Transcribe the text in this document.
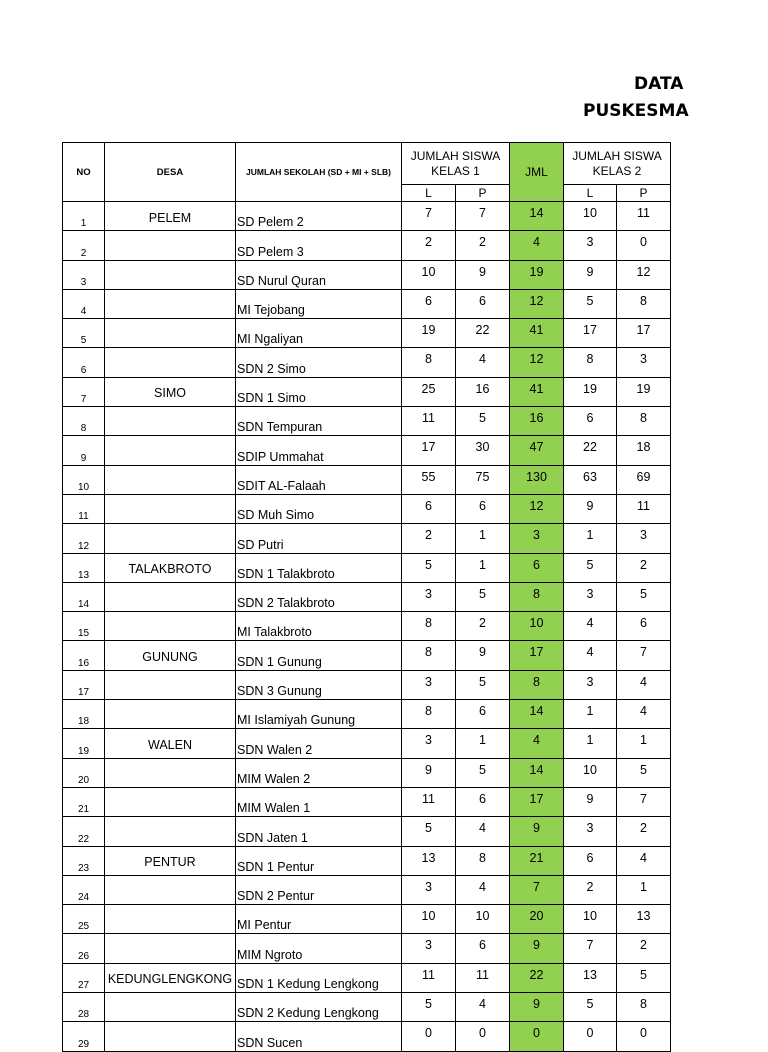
DATA
PUSKESMA
NO	DESA	JUMLAH SEKOLAH (SD + MI + SLB)	JUMLAH SISWA KELAS 1		JML	JUMLAH SISWA KELAS 2	
			L	P		L	P
1	PELEM	SD Pelem 2	7	7	14	10	11
2		SD Pelem 3	2	2	4	3	0
3		SD Nurul Quran	10	9	19	9	12
4		MI Tejobang	6	6	12	5	8
5		MI Ngaliyan	19	22	41	17	17
6		SDN 2 Simo	8	4	12	8	3
7	SIMO	SDN 1 Simo	25	16	41	19	19
8		SDN Tempuran	11	5	16	6	8
9		SDIP Ummahat	17	30	47	22	18
10		SDIT AL-Falaah	55	75	130	63	69
11		SD Muh Simo	6	6	12	9	11
12		SD Putri	2	1	3	1	3
13	TALAKBROTO	SDN 1 Talakbroto	5	1	6	5	2
14		SDN 2 Talakbroto	3	5	8	3	5
15		MI Talakbroto	8	2	10	4	6
16	GUNUNG	SDN 1 Gunung	8	9	17	4	7
17		SDN 3 Gunung	3	5	8	3	4
18		MI Islamiyah Gunung	8	6	14	1	4
19	WALEN	SDN Walen 2	3	1	4	1	1
20		MIM Walen 2	9	5	14	10	5
21		MIM Walen 1	11	6	17	9	7
22		SDN Jaten 1	5	4	9	3	2
23	PENTUR	SDN 1 Pentur	13	8	21	6	4
24		SDN 2 Pentur	3	4	7	2	1
25		MI Pentur	10	10	20	10	13
26		MIM Ngroto	3	6	9	7	2
27	KEDUNGLENGKONG	SDN 1 Kedung Lengkong	11	11	22	13	5
28		SDN 2 Kedung Lengkong	5	4	9	5	8
29		SDN Sucen	0	0	0	0	0
